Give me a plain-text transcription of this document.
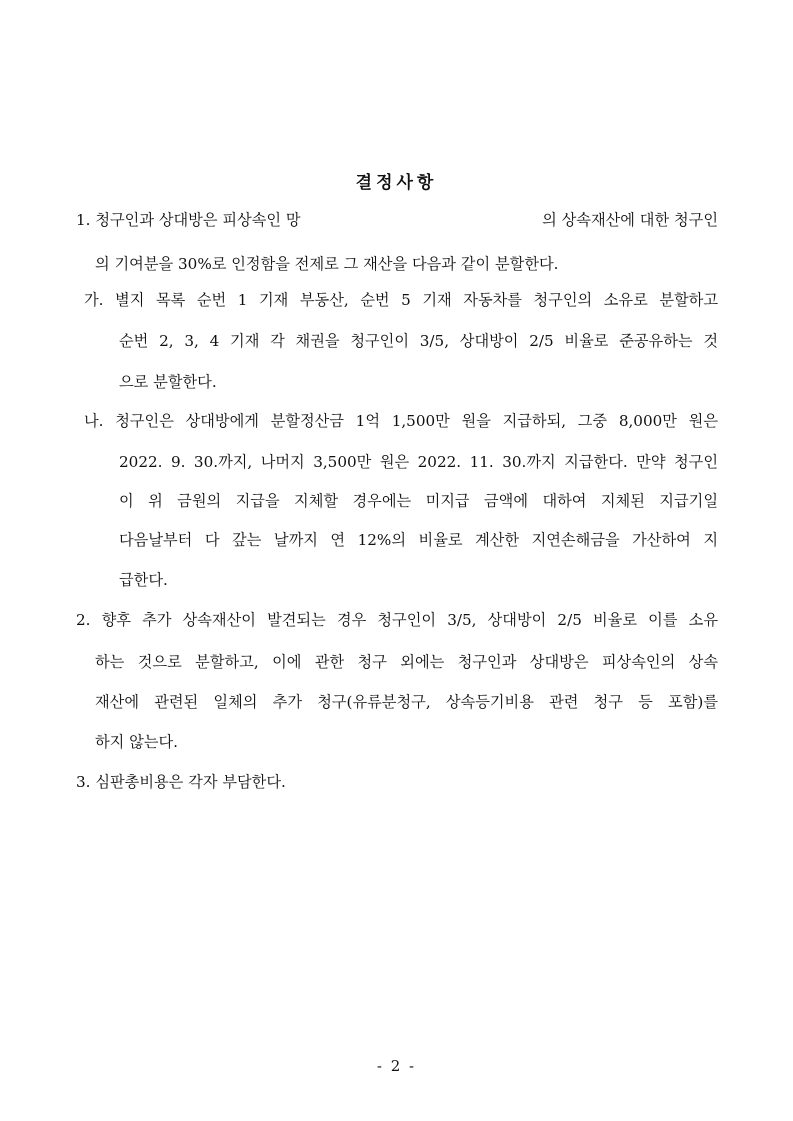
결정사항
1. 청구인과 상대방은 피상속인 망	의 상속재산에 대한 청구인
의 기여분을 30%로 인정함을 전제로 그 재산을 다음과 같이 분할한다.
가. 별지 목록 순번 1 기재 부동산, 순번 5 기재 자동차를 청구인의 소유로 분할하고
순번 2, 3, 4 기재 각 채권을 청구인이 3/5, 상대방이 2/5 비율로 준공유하는 것
으로 분할한다.
나. 청구인은 상대방에게 분할정산금 1억 1,500만 원을 지급하되, 그중 8,000만 원은
2022. 9. 30.까지, 나머지 3,500만 원은 2022. 11. 30.까지 지급한다. 만약 청구인
이 위 금원의 지급을 지체할 경우에는 미지급 금액에 대하여 지체된 지급기일
다음날부터 다 갚는 날까지 연 12%의 비율로 계산한 지연손해금을 가산하여 지
급한다.
2. 향후 추가 상속재산이 발견되는 경우 청구인이 3/5, 상대방이 2/5 비율로 이를 소유
하는 것으로 분할하고, 이에 관한 청구 외에는 청구인과 상대방은 피상속인의 상속
재산에 관련된 일체의 추가 청구(유류분청구, 상속등기비용 관련 청구 등 포함)를
하지 않는다.
3. 심판총비용은 각자 부담한다.
- 2 -
